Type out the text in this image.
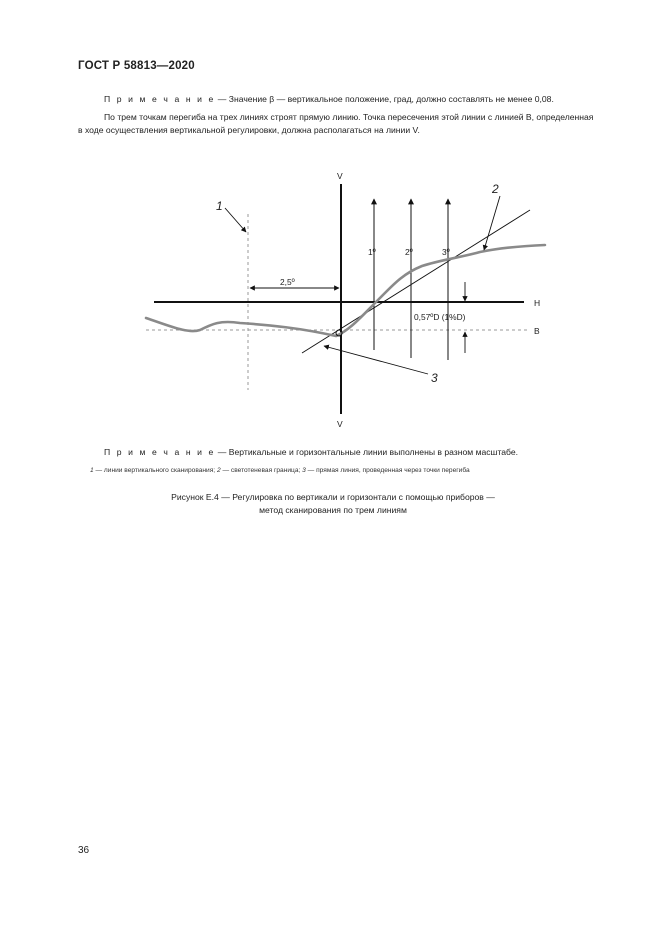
ГОСТ Р 58813—2020
П р и м е ч а н и е — Значение β — вертикальное положение, град, должно составлять не менее 0,08.
По трем точкам перегиба на трех линиях строят прямую линию. Точка пересечения этой линии с линией В, определенная в ходе осуществления вертикальной регулировки, должна располагаться на линии V.
2,5º
0,57ºD (1%D)
V
V
H
B
1º	2º	3º
1
2
3
П р и м е ч а н и е — Вертикальные и горизонтальные линии выполнены в разном масштабе.
1 — линии вертикального сканирования; 2 — светотеневая граница; 3 — прямая линия, проведенная через точки перегиба
Рисунок Е.4 — Регулировка по вертикали и горизонтали с помощью приборов —
метод сканирования по трем линиям
36
